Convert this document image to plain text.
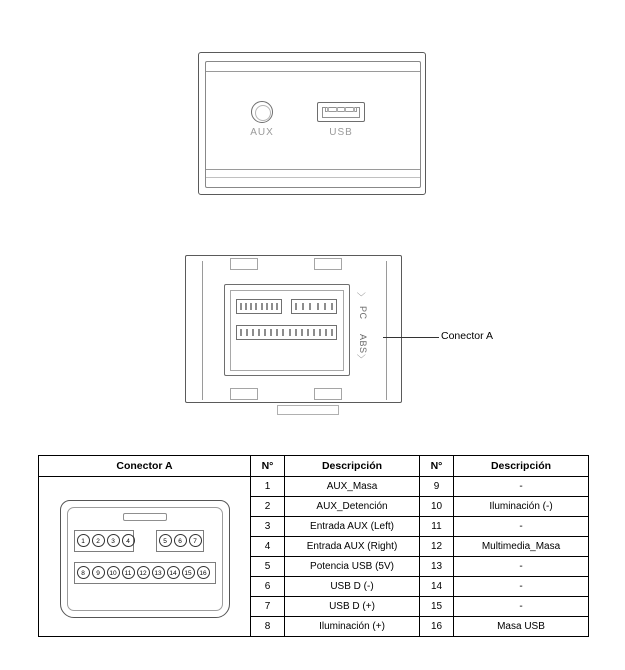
AUX	USB
〉
PC
ABS
〉
Conector A
Conector A	N°	Descripción	N°	Descripción

1	2	3	4	5	6	7
8	9	10	11	12	13	14	15	16
	1	AUX_Masa	9	-
	2	AUX_Detención	10	Iluminación (-)
	3	Entrada AUX (Left)	11	-
	4	Entrada AUX (Right)	12	Multimedia_Masa
	5	Potencia USB (5V)	13	-
	6	USB D (-)	14	-
	7	USB D (+)	15	-
	8	Iluminación (+)	16	Masa USB
